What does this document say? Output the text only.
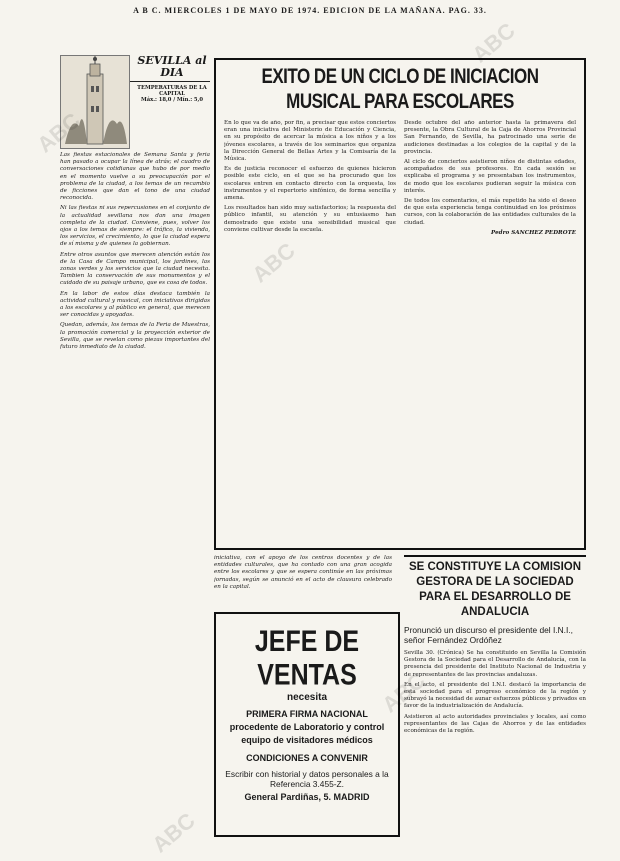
A B C. MIERCOLES 1 DE MAYO DE 1974. EDICION DE LA MAÑANA. PAG. 33.
SEVILLA al DIA
TEMPERATURAS DE LA CAPITAL
Máx.: 18,0 / Mín.: 5,0

Las fiestas estacionales de Semana Santa y feria han pasado a ocupar la línea de atrás; el cuadro de conversaciones cotidianas que hubo de por medio en el momento vuelve a su preocupación por el problema de la ciudad, a los temas de un recambio de ficciones que dan el tono de una ciudad reconocida.

Ni las fiestas ni sus repercusiones en el conjunto de la actualidad sevillana nos dan una imagen completa de la ciudad. Conviene, pues, volver los ojos a los temas de siempre: el tráfico, la vivienda, los servicios, el crecimiento, lo que la ciudad espera de sí misma y de quienes la gobiernan.

Entre otros asuntos que merecen atención están los de la Casa de Campo municipal, los jardines, las zonas verdes y los servicios que la ciudad necesita. Tambien la conservación de sus monumentos y el cuidado de su paisaje urbano, que es cosa de todos.

En la labor de estos días destaca también la actividad cultural y musical, con iniciativas dirigidas a los escolares y al público en general, que merecen ser conocidas y apoyadas.

Quedan, además, los temas de la Feria de Muestras, la promoción comercial y la proyección exterior de Sevilla, que se revelan como piezas importantes del futuro inmediato de la ciudad.

EXITO DE UN CICLO DE INICIACION MUSICAL PARA ESCOLARES

En lo que va de año, por fin, a precisar que estos conciertos eran una iniciativa del Ministerio de Educación y Ciencia, en su propósito de acercar la música a los niños y a los jóvenes escolares, a través de los seminarios que organiza la Dirección General de Bellas Artes y la Comisaría de la Música.

Es de justicia reconocer el esfuerzo de quienes hicieron posible este ciclo, en el que se ha procurado que los escolares entren en contacto directo con la orquesta, los instrumentos y el repertorio sinfónico, de forma sencilla y amena.

Los resultados han sido muy satisfactorios; la respuesta del público infantil, su atención y su entusiasmo han demostrado que existe una sensibilidad musical que conviene cultivar desde la escuela.

Desde octubre del año anterior hasta la primavera del presente, la Obra Cultural de la Caja de Ahorros Provincial San Fernando, de Sevilla, ha patrocinado una serie de audiciones destinadas a los colegios de la capital y de la provincia.

Al ciclo de conciertos asistieron niños de distintas edades, acompañados de sus profesores. En cada sesión se explicaba el programa y se presentaban los instrumentos, de modo que los escolares pudieran seguir la música con interés.

De todos los comentarios, el más repetido ha sido el deseo de que esta experiencia tenga continuidad en los próximos cursos, con la colaboración de las entidades culturales de la ciudad.

Pedro SANCHEZ PEDROTE

iniciativa, con el apoyo de los centros docentes y de las entidades culturales, que ha contado con una gran acogida entre los escolares y que se espera continúe en las próximas jornadas, según se anunció en el acto de clausura celebrado en la capital.
JEFE DE VENTAS
necesita
PRIMERA FIRMA NACIONAL
procedente de Laboratorio y control
equipo de visitadores médicos
CONDICIONES A CONVENIR
Escribir con historial y datos personales a la Referencia 3.455-Z.
General Pardiñas, 5. MADRID
SE CONSTITUYE LA COMISION GESTORA DE LA SOCIEDAD PARA EL DESARROLLO DE ANDALUCIA
Pronunció un discurso el presidente del I.N.I., señor Fernández Ordóñez

Sevilla 30. (Crónica) Se ha constituido en Sevilla la Comisión Gestora de la Sociedad para el Desarrollo de Andalucía, con la presencia del presidente del Instituto Nacional de Industria y de representantes de las provincias andaluzas.

En el acto, el presidente del I.N.I. destacó la importancia de esta sociedad para el progreso económico de la región y subrayó la necesidad de aunar esfuerzos públicos y privados en favor de la industrialización de Andalucía.

Asistieron al acto autoridades provinciales y locales, así como representantes de las Cajas de Ahorros y de las entidades económicas de la región.

ABC
ABC
ABC
ABC
ABC
